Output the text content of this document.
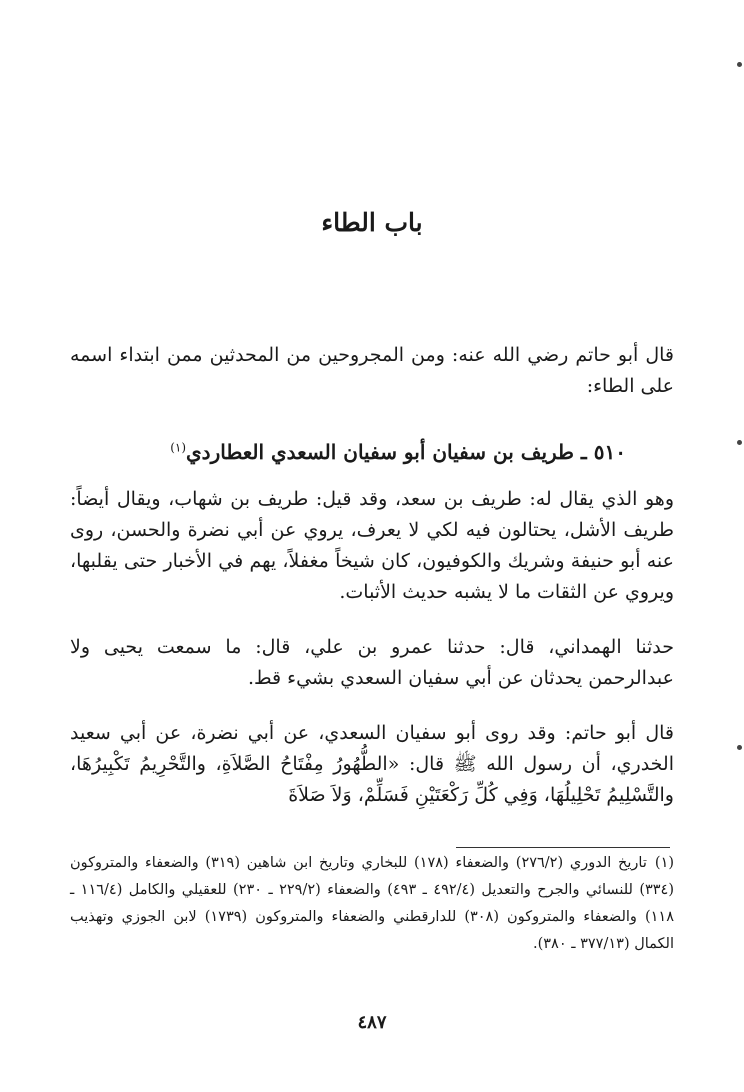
باب الطاء

قال أبو حاتم رضي الله عنه: ومن المجروحين من المحدثين ممن ابتداء اسمه على الطاء:

٥١٠ ـ طريف بن سفيان أبو سفيان السعدي العطاردي$^{(١)}$

وهو الذي يقال له: طريف بن سعد، وقد قيل: طريف بن شهاب، ويقال أيضاً: طريف الأشل، يحتالون فيه لكي لا يعرف، يروي عن أبي نضرة والحسن، روى عنه أبو حنيفة وشريك والكوفيون، كان شيخاً مغفلاً، يهم في الأخبار حتى يقلبها، ويروي عن الثقات ما لا يشبه حديث الأثبات.

حدثنا الهمداني، قال: حدثنا عمرو بن علي، قال: ما سمعت يحيى ولا عبدالرحمن يحدثان عن أبي سفيان السعدي بشيء قط.

قال أبو حاتم: وقد روى أبو سفيان السعدي، عن أبي نضرة، عن أبي سعيد الخدري، أن رسول الله ﷺ قال: «الطُّهُورُ مِفْتَاحُ الصَّلاَةِ، والتَّحْرِيمُ تَكْبِيرُهَا، والتَّسْلِيمُ تَحْلِيلُهَا، وَفِي كُلِّ رَكْعَتَيْنِ فَسَلِّمْ، وَلاَ صَلاَةَ

(١)تاريخ الدوري (٢٧٦/٢) والضعفاء (١٧٨) للبخاري وتاريخ ابن شاهين (٣١٩) والضعفاء والمتروكون (٣٣٤) للنسائي والجرح والتعديل (٤٩٢/٤ ـ ٤٩٣) والضعفاء (٢٢٩/٢ ـ ٢٣٠) للعقيلي والكامل (١١٦/٤ ـ ١١٨) والضعفاء والمتروكون (٣٠٨) للدارقطني والضعفاء والمتروكون (١٧٣٩) لابن الجوزي وتهذيب الكمال (٣٧٧/١٣ ـ ٣٨٠).

٤٨٧
